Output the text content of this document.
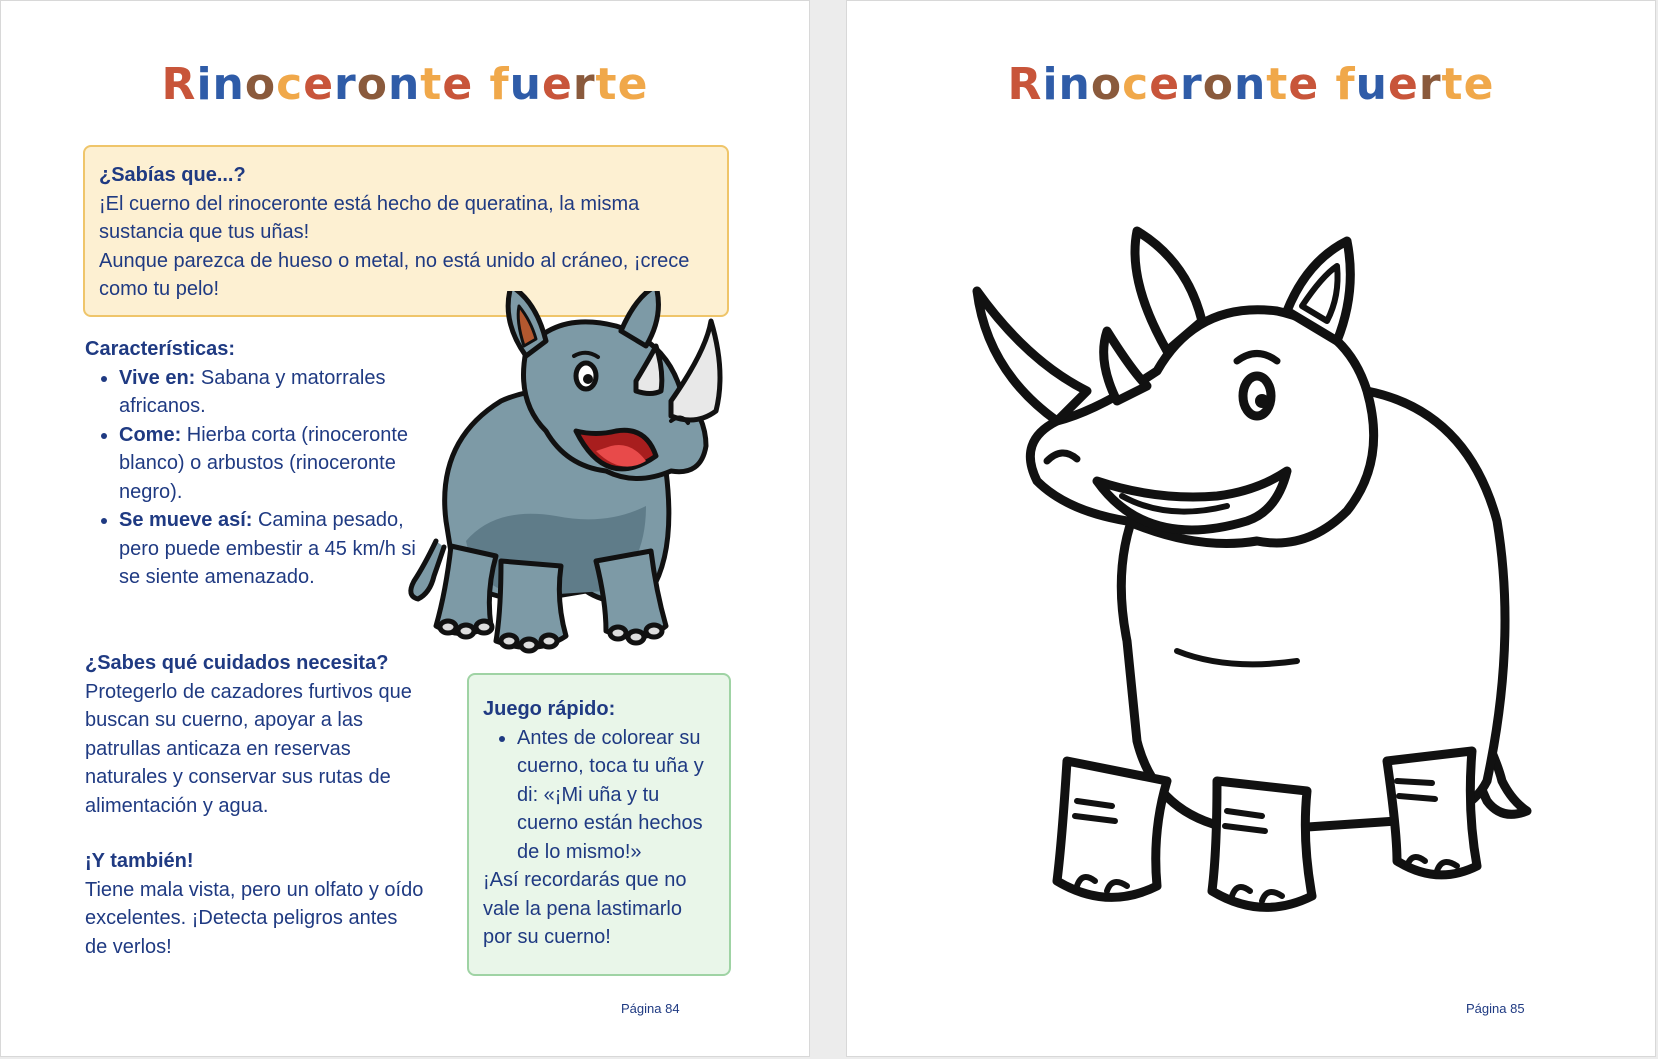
Rinoceronte fuerte
¿Sabías que...?
¡El cuerno del rinoceronte está hecho de queratina, la misma sustancia que tus uñas!
Aunque parezca de hueso o metal, no está unido al cráneo, ¡crece como tu pelo!
Características:
• Vive en: Sabana y matorrales africanos.
• Come: Hierba corta (rinoceronte blanco) o arbustos (rinoceronte negro).
• Se mueve así: Camina pesado, pero puede embestir a 45 km/h si se siente amenazado.
¿Sabes qué cuidados necesita?
Protegerlo de cazadores furtivos que buscan su cuerno, apoyar a las patrullas anticaza en reservas naturales y conservar sus rutas de alimentación y agua.
¡Y también!
Tiene mala vista, pero un olfato y oído excelentes. ¡Detecta peligros antes de verlos!
Juego rápido:
• Antes de colorear su cuerno, toca tu uña y di: «¡Mi uña y tu cuerno están hechos de lo mismo!»
¡Así recordarás que no vale la pena lastimarlo por su cuerno!
Página 84
Rinoceronte fuerte
Página 85
